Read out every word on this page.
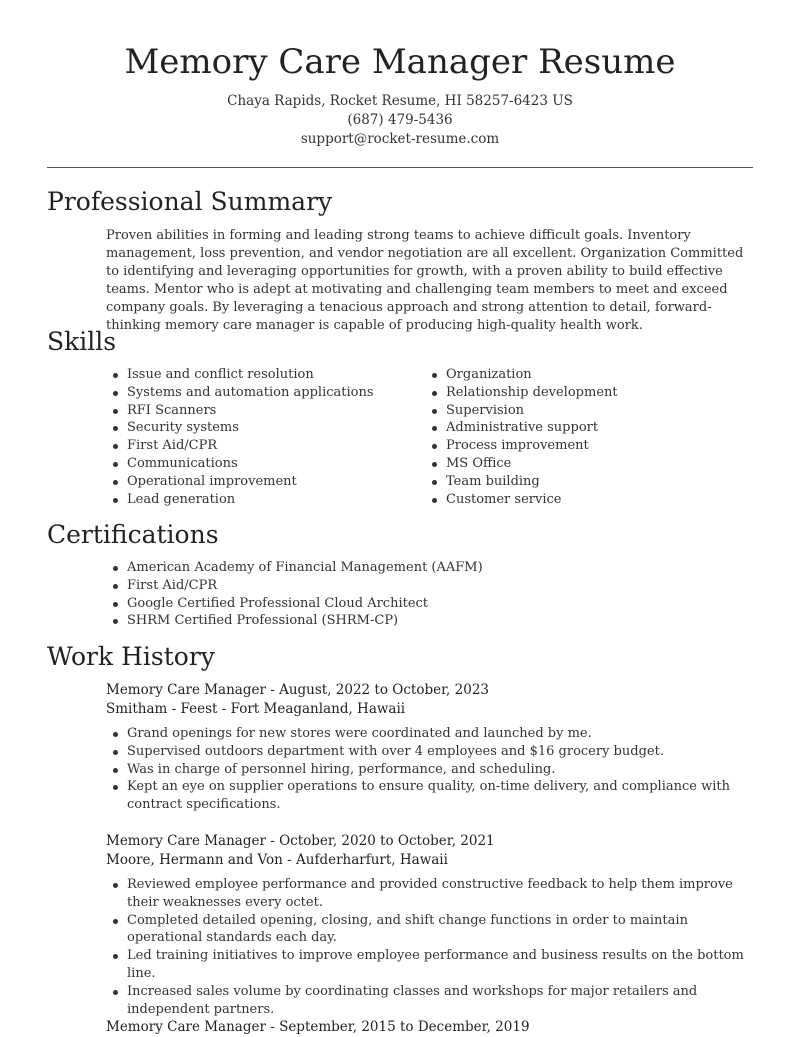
Memory Care Manager Resume
Chaya Rapids, Rocket Resume, HI 58257-6423 US
(687) 479-5436
support@rocket-resume.com
Professional Summary

Proven abilities in forming and leading strong teams to achieve difficult goals. Inventory management, loss prevention, and vendor negotiation are all excellent. Organization Committed to identifying and leveraging opportunities for growth, with a proven ability to build effective teams. Mentor who is adept at motivating and challenging team members to meet and exceed company goals. By leveraging a tenacious approach and strong attention to detail, forward-thinking memory care manager is capable of producing high-quality health work.

Skills
Issue and conflict resolution
Systems and automation applications
RFI Scanners
Security systems
First Aid/CPR
Communications
Operational improvement
Lead generation
Organization
Relationship development
Supervision
Administrative support
Process improvement
MS Office
Team building
Customer service
Certifications
American Academy of Financial Management (AAFM)
First Aid/CPR
Google Certified Professional Cloud Architect
SHRM Certified Professional (SHRM-CP)
Work History

Memory Care Manager - August, 2022 to October, 2023

Smitham - Feest - Fort Meaganland, Hawaii

Grand openings for new stores were coordinated and launched by me.
Supervised outdoors department with over 4 employees and $16 grocery budget.
Was in charge of personnel hiring, performance, and scheduling.
Kept an eye on supplier operations to ensure quality, on-time delivery, and compliance with contract specifications.

Memory Care Manager - October, 2020 to October, 2021

Moore, Hermann and Von - Aufderharfurt, Hawaii

Reviewed employee performance and provided constructive feedback to help them improve their weaknesses every octet.
Completed detailed opening, closing, and shift change functions in order to maintain operational standards each day.
Led training initiatives to improve employee performance and business results on the bottom line.
Increased sales volume by coordinating classes and workshops for major retailers and independent partners.

Memory Care Manager - September, 2015 to December, 2019
